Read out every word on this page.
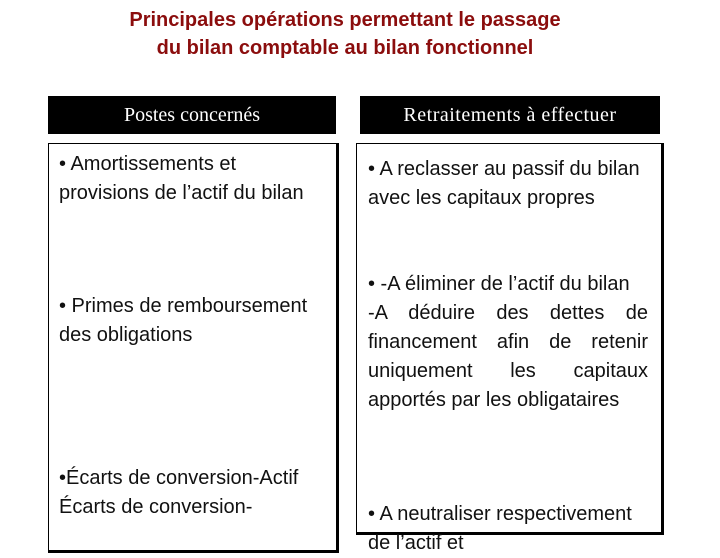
Principales opérations permettant le passage
du bilan comptable au bilan fonctionnel
Postes concernés	Retraitements à effectuer
• Amortissements et provisions de l’actif du bilan
• Primes de remboursement des obligations
•Écarts de conversion-Actif Écarts de conversion-
• A reclasser au passif du bilan avec les capitaux propres
• -A éliminer de l’actif du bilan
-A déduire des dettes de financement afin de retenir uniquement les capitaux apportés par les obligataires
• A neutraliser respectivement de l’actif et
